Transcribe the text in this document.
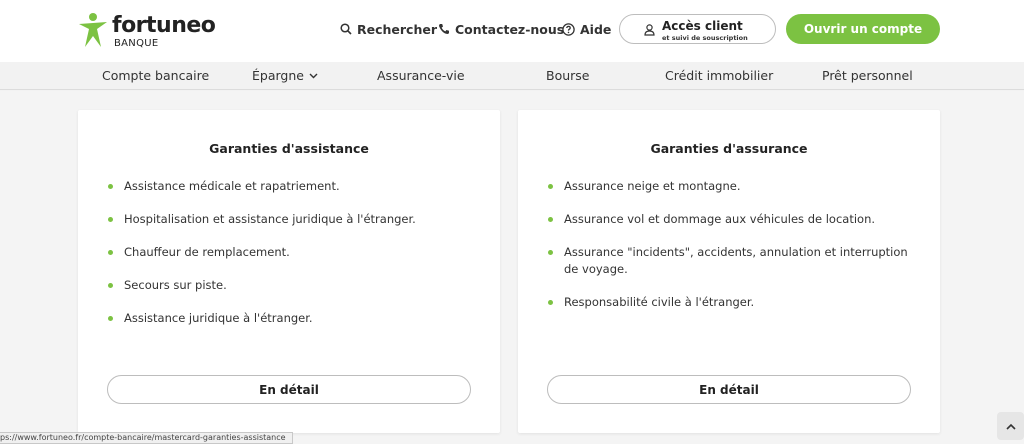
fortuneo
BANQUE
Rechercher Contactez-nous Aide	Accès client
et suivi de souscription
Ouvrir un compte
Compte bancaire	Épargne	Assurance-vie	Bourse	Crédit immobilier	Prêt personnel
Garanties d'assistance
Assistance médicale et rapatriement.
Hospitalisation et assistance juridique à l'étranger.
Chauffeur de remplacement.
Secours sur piste.
Assistance juridique à l'étranger.
En détail
Garanties d'assurance
Assurance neige et montagne.
Assurance vol et dommage aux véhicules de location.
Assurance "incidents", accidents, annulation et interruption de voyage.
Responsabilité civile à l'étranger.
En détail
ps://www.fortuneo.fr/compte-bancaire/mastercard-garanties-assistance
